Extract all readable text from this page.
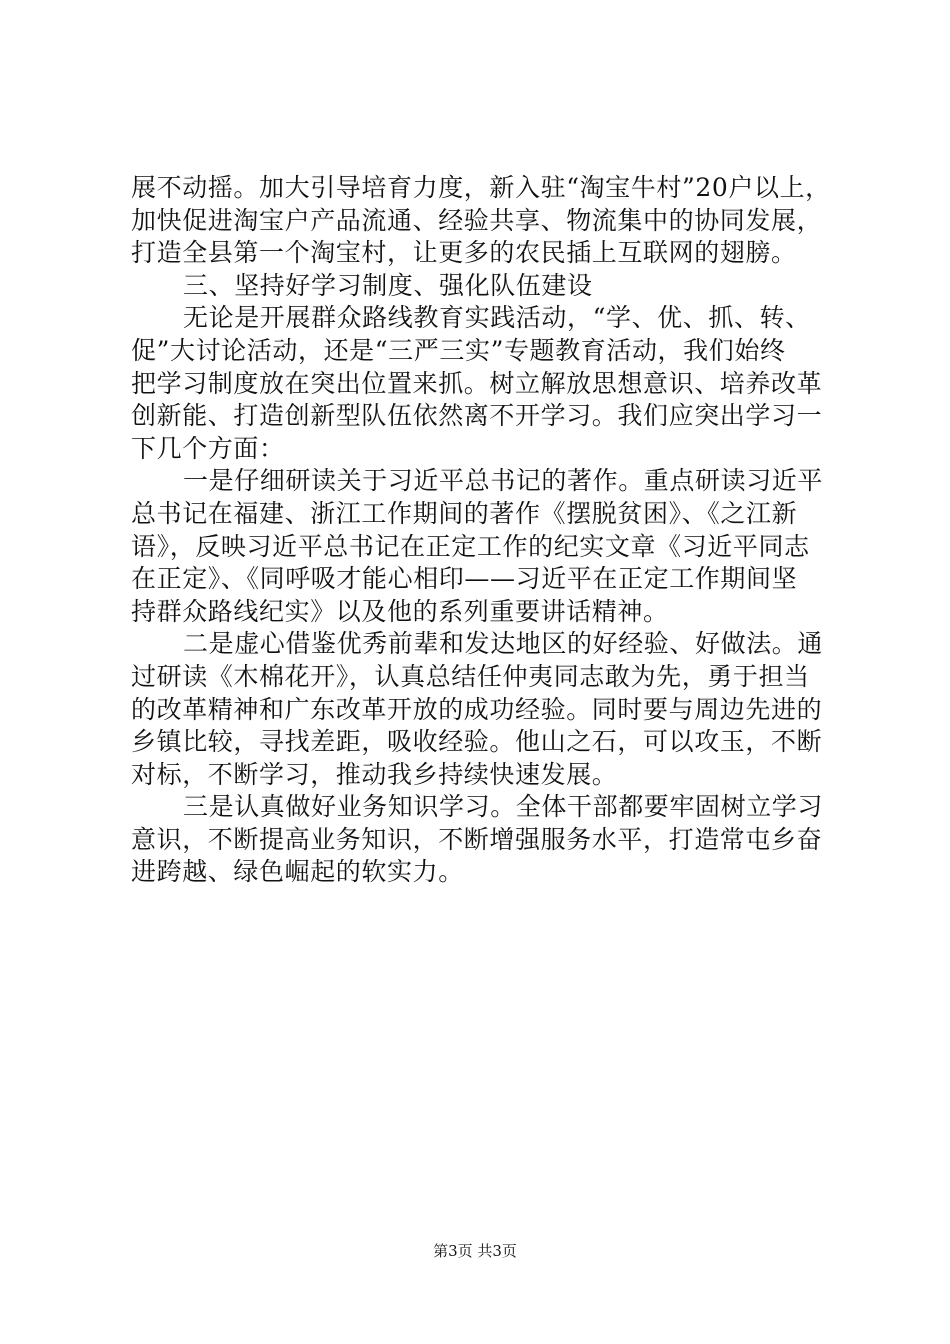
展不动摇。加大引导培育力度，新入驻“淘宝牛村”20户以上，
加快促进淘宝户产品流通、经验共享、物流集中的协同发展，
打造全县第一个淘宝村，让更多的农民插上互联网的翅膀。
三、坚持好学习制度、强化队伍建设
无论是开展群众路线教育实践活动，“学、优、抓、转、
促”大讨论活动，还是“三严三实”专题教育活动，我们始终
把学习制度放在突出位置来抓。树立解放思想意识、培养改革
创新能、打造创新型队伍依然离不开学习。我们应突出学习一
下几个方面：
一是仔细研读关于习近平总书记的著作。重点研读习近平
总书记在福建、浙江工作期间的著作《摆脱贫困》、《之江新
语》，反映习近平总书记在正定工作的纪实文章《习近平同志
在正定》、《同呼吸才能心相印——习近平在正定工作期间坚
持群众路线纪实》以及他的系列重要讲话精神。
二是虚心借鉴优秀前辈和发达地区的好经验、好做法。通
过研读《木棉花开》，认真总结任仲夷同志敢为先，勇于担当
的改革精神和广东改革开放的成功经验。同时要与周边先进的
乡镇比较，寻找差距，吸收经验。他山之石，可以攻玉，不断
对标，不断学习，推动我乡持续快速发展。
三是认真做好业务知识学习。全体干部都要牢固树立学习
意识，不断提高业务知识，不断增强服务水平，打造常屯乡奋
进跨越、绿色崛起的软实力。
第3页 共3页
